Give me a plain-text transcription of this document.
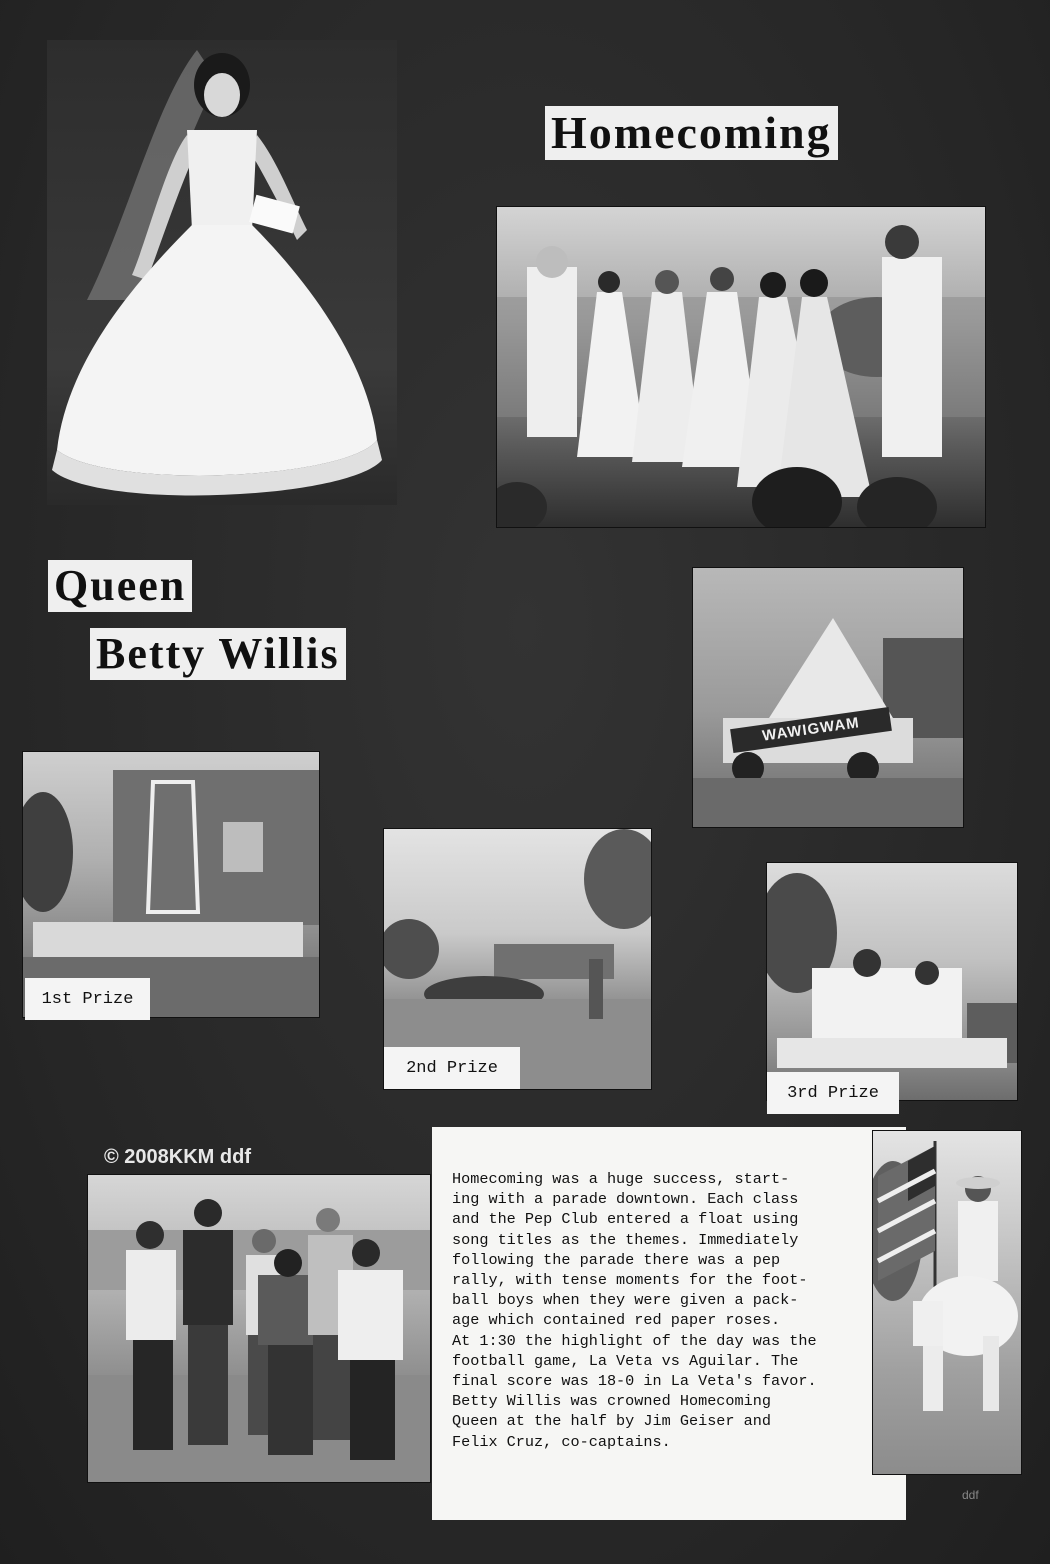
Homecoming
Queen
Betty Willis
WAWIGWAM
1st Prize
2nd Prize
3rd Prize
© 2008KKM ddf

Homecoming was a huge success, start-
ing with a parade downtown. Each class
and the Pep Club entered a float using
song titles as the themes. Immediately
following the parade there was a pep
rally, with tense moments for the foot-
ball boys when they were given a pack-
age which contained red paper roses.
At 1:30 the highlight of the day was the
football game, La Veta vs Aguilar. The
final score was 18-0 in La Veta's favor.
Betty Willis was crowned Homecoming
Queen at the half by Jim Geiser and
Felix Cruz, co-captains.

ddf
